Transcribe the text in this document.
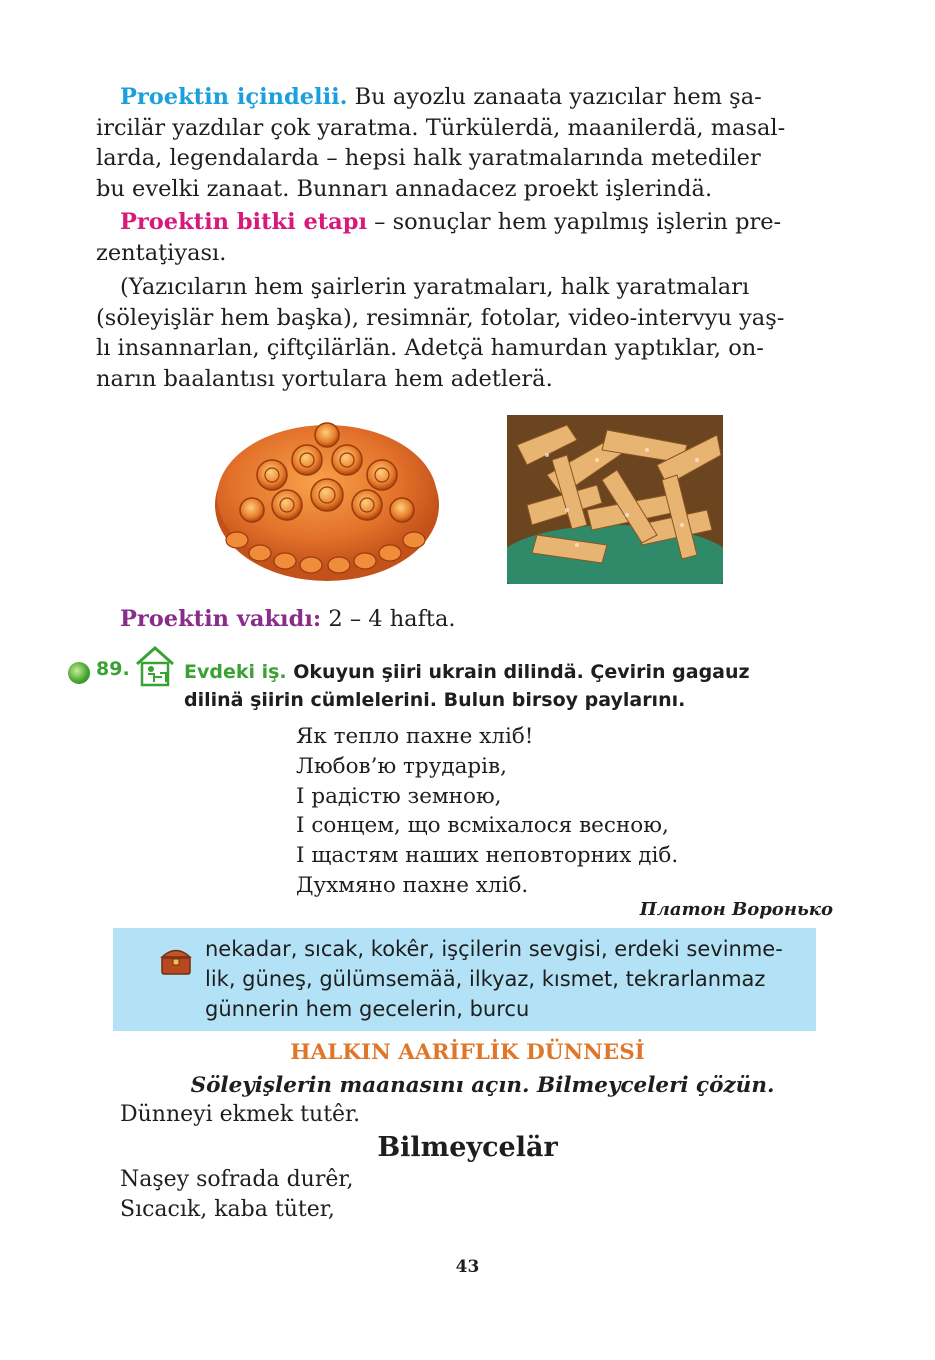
Proektin içindelii. Bu ayozlu zanaata yazıcılar hem şa-
ircilär yazdılar çok yaratma. Türkülerdä, maanilerdä, masal-
larda, legendalarda – hepsi halk yaratmalarında metediler
bu evelki zanaat. Bunnarı annadacez proekt işlerindä.

Proektin bitki etapı – sonuçlar hem yapılmış işlerin pre-
zentaţiyası.

(Yazıcıların hem şairlerin yaratmaları, halk yaratmaları
(söleyişlär hem başka), resimnär, fotolar, video-intervyu yaş-
lı insannarlan, çiftçilärlän. Adetçä hamurdan yaptıklar, on-
narın baalantısı yortulara hem adetlerä.

Proektin vakıdı: 2 – 4 hafta.
89.	Evdeki iş. Okuyun şiiri ukrain dilindä. Çevirin gagauz
dilinä şiirin cümlelerini. Bulun birsoy paylarını.
Як тепло пахне хліб!
Любов’ю трударів,
І радістю земною,
І сонцем, що всміхалося весною,
І щастям наших неповторних діб.
Духмяно пахне хліб.
Платон Воронько
nekadar, sıcak, kokêr, işçilerin sevgisi, erdeki sevinme-
lik, güneş, gülümsemää, ilkyaz, kısmet, tekrarlanmaz
günnerin hem gecelerin, burcu
HALKIN AARİFLİK DÜNNESİ
Söleyişlerin maanasını açın. Bilmeyceleri çözün.
Dünneyi ekmek tutêr.
Bilmeycelär
Naşey sofrada durêr,
Sıcacık, kaba tüter,
43
